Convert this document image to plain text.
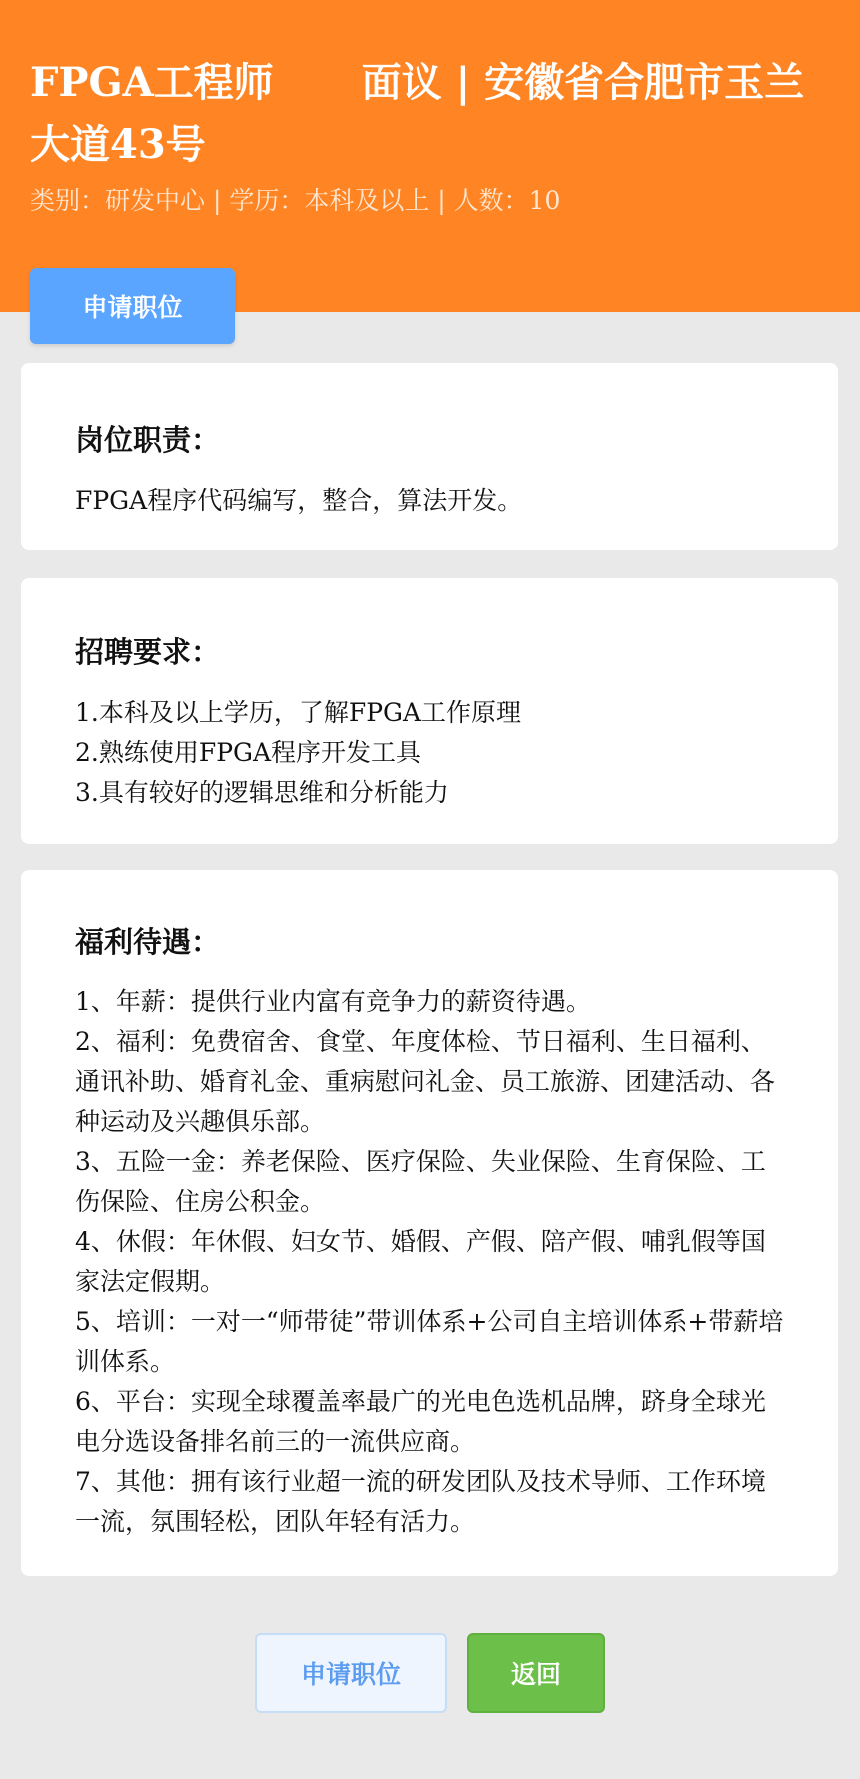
FPGA工程师 面议 | 安徽省合肥市玉兰大道43号
类别：研发中心 | 学历：本科及以上 | 人数：10
申请职位
岗位职责：
FPGA程序代码编写，整合，算法开发。
招聘要求：
1.本科及以上学历，了解FPGA工作原理
2.熟练使用FPGA程序开发工具
3.具有较好的逻辑思维和分析能力
福利待遇：
1、年薪：提供行业内富有竞争力的薪资待遇。
2、福利：免费宿舍、食堂、年度体检、节日福利、生日福利、通讯补助、婚育礼金、重病慰问礼金、员工旅游、团建活动、各种运动及兴趣俱乐部。
3、五险一金：养老保险、医疗保险、失业保险、生育保险、工伤保险、住房公积金。
4、休假：年休假、妇女节、婚假、产假、陪产假、哺乳假等国家法定假期。
5、培训：一对一“师带徒”带训体系+公司自主培训体系+带薪培训体系。
6、平台：实现全球覆盖率最广的光电色选机品牌，跻身全球光电分选设备排名前三的一流供应商。
7、其他：拥有该行业超一流的研发团队及技术导师、工作环境一流，氛围轻松，团队年轻有活力。
申请职位	返回
